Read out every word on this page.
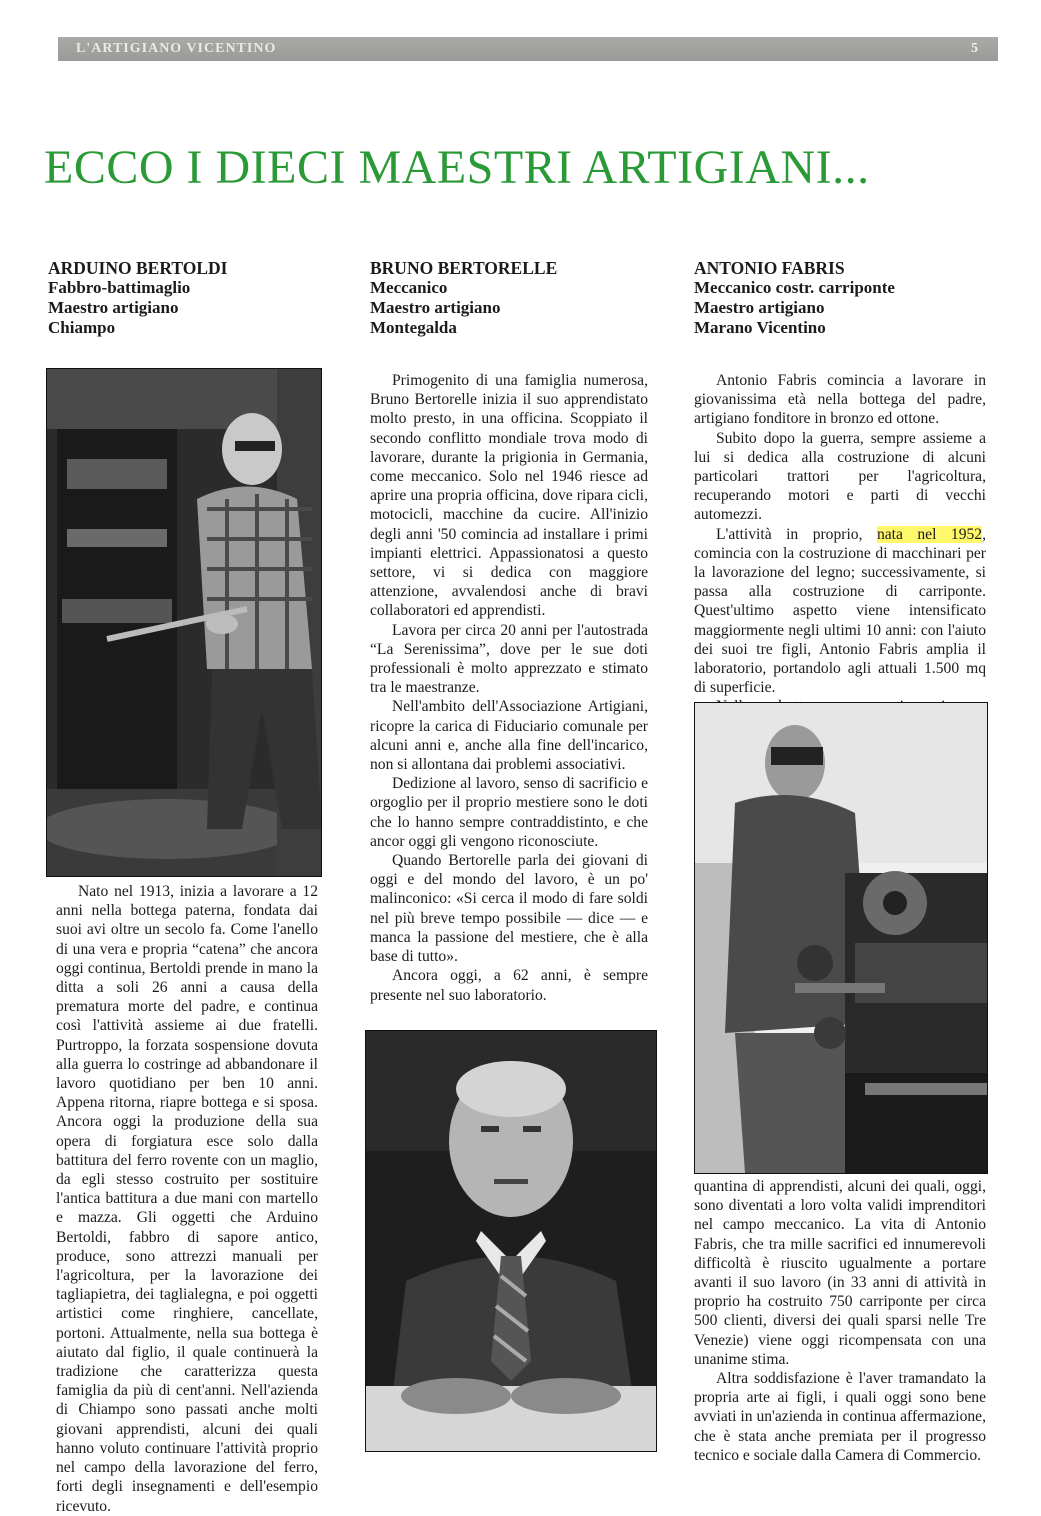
L'ARTIGIANO VICENTINO	5
ECCO I DIECI MAESTRI ARTIGIANI...
ARDUINO BERTOLDI
Fabbro-battimaglio
Maestro artigiano
Chiampo

Nato nel 1913, inizia a lavorare a 12 anni nella bottega paterna, fondata dai suoi avi oltre un secolo fa. Come l'anello di una vera e propria “catena” che ancora oggi continua, Bertoldi prende in mano la ditta a soli 26 anni a causa della prematura morte del padre, e continua così l'attività assieme ai due fratelli. Purtroppo, la forzata sospensione dovuta alla guerra lo costringe ad abbandonare il lavoro quotidiano per ben 10 anni. Appena ritorna, riapre bottega e si sposa. Ancora oggi la produzione della sua opera di forgiatura esce solo dalla battitura del ferro rovente con un maglio, da egli stesso costruito per sostituire l'antica battitura a due mani con martello e mazza. Gli oggetti che Arduino Bertoldi, fabbro di sapore antico, produce, sono attrezzi manuali per l'agricoltura, per la lavorazione dei tagliapietra, dei taglialegna, e poi oggetti artistici come ringhiere, cancellate, portoni. Attualmente, nella sua bottega è aiutato dal figlio, il quale continuerà la tradizione che caratterizza questa famiglia da più di cent'anni. Nell'azienda di Chiampo sono passati anche molti giovani apprendisti, alcuni dei quali hanno voluto continuare l'attività proprio nel campo della lavorazione del ferro, forti degli insegnamenti e dell'esempio ricevuto.

BRUNO BERTORELLE
Meccanico
Maestro artigiano
Montegalda

Primogenito di una famiglia numerosa, Bruno Bertorelle inizia il suo apprendistato molto presto, in una officina. Scoppiato il secondo conflitto mondiale trova modo di lavorare, durante la prigionia in Germania, come meccanico. Solo nel 1946 riesce ad aprire una propria officina, dove ripara cicli, motocicli, macchine da cucire. All'inizio degli anni '50 comincia ad installare i primi impianti elettrici. Appassionatosi a questo settore, vi si dedica con maggiore attenzione, avvalendosi anche di bravi collaboratori ed apprendisti.

Lavora per circa 20 anni per l'autostrada “La Serenissima”, dove per le sue doti professionali è molto apprezzato e stimato tra le maestranze.

Nell'ambito dell'Associazione Artigiani, ricopre la carica di Fiduciario comunale per alcuni anni e, anche alla fine dell'incarico, non si allontana dai problemi associativi.

Dedizione al lavoro, senso di sacrificio e orgoglio per il proprio mestiere sono le doti che lo hanno sempre contraddistinto, e che ancor oggi gli vengono riconosciute.

Quando Bertorelle parla dei giovani di oggi e del mondo del lavoro, è un po' malinconico: «Si cerca il modo di fare soldi nel più breve tempo possibile — dice — e manca la passione del mestiere, che è alla base di tutto».

Ancora oggi, a 62 anni, è sempre presente nel suo laboratorio.

ANTONIO FABRIS
Meccanico costr. carriponte
Maestro artigiano
Marano Vicentino

Antonio Fabris comincia a lavorare in giovanissima età nella bottega del padre, artigiano fonditore in bronzo ed ottone.

Subito dopo la guerra, sempre assieme a lui si dedica alla costruzione di alcuni particolari trattori per l'agricoltura, recuperando motori e parti di vecchi automezzi.

L'attività in proprio, nata nel 1952, comincia con la costruzione di macchinari per la lavorazione del legno; successivamente, si passa alla costruzione di carriponte. Quest'ultimo aspetto viene intensificato maggiormente negli ultimi 10 anni: con l'aiuto dei suoi tre figli, Antonio Fabris amplia il laboratorio, portandolo agli attuali 1.500 mq di superficie.

quantina di apprendisti, alcuni dei quali, oggi, sono diventati a loro volta validi imprenditori nel campo meccanico. La vita di Antonio Fabris, che tra mille sacrifici ed innumerevoli difficoltà è riuscito ugualmente a portare avanti il suo lavoro (in 33 anni di attività in proprio ha costruito 750 carriponte per circa 500 clienti, diversi dei quali sparsi nelle Tre Venezie) viene oggi ricompensata con una unanime stima.

Altra soddisfazione è l'aver tramandato la propria arte ai figli, i quali oggi sono bene avviati in un'azienda in continua affermazione, che è stata anche premiata per il progresso tecnico e sociale dalla Camera di Commercio.
